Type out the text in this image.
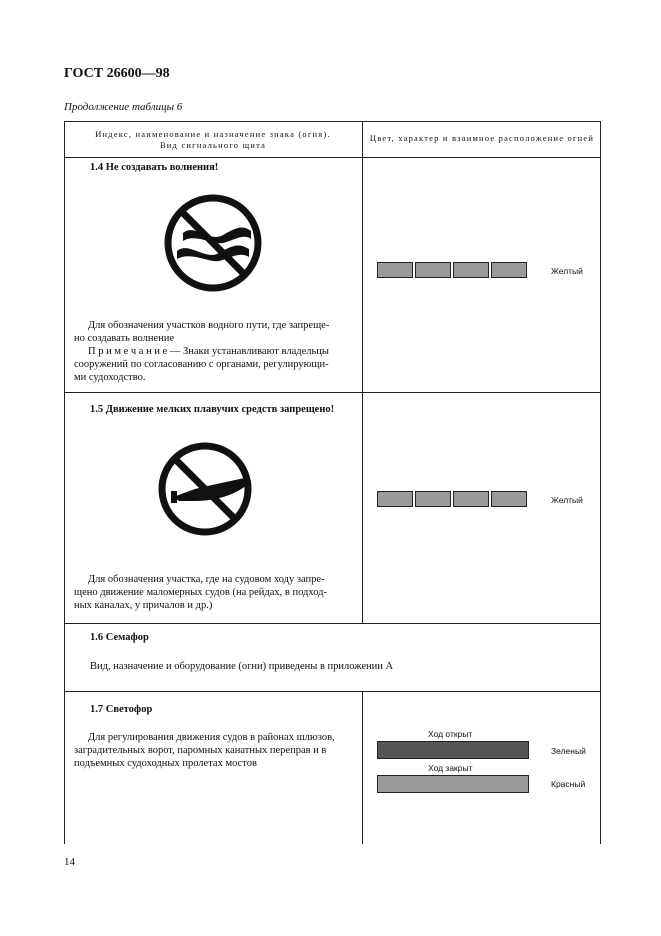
ГОСТ 26600—98
Продолжение таблицы 6
Индекс, наименование и назначение знака (огня).
Вид сигнального щита
Цвет, характер и взаимное расположение огней
1.4 Не создавать волнения!
Для обозначения участков водного пути, где запреще-
но создавать волнение
П р и м е ч а н и е — Знаки устанавливают владельцы
сооружений по согласованию с органами, регулирующи-
ми судоходство.
Желтый
1.5 Движение мелких плавучих средств запрещено!
Для обозначения участка, где на судовом ходу запре-
щено движение маломерных судов (на рейдах, в подход-
ных каналах, у причалов и др.)
Желтый
1.6 Семафор
Вид, назначение и оборудование (огни) приведены в приложении А
1.7 Светофор
Для регулирования движения судов в районах шлюзов,
заградительных ворот, паромных канатных переправ и в
подъемных судоходных пролетах мостов
Ход открыт
Зеленый
Ход закрыт
Красный
14
